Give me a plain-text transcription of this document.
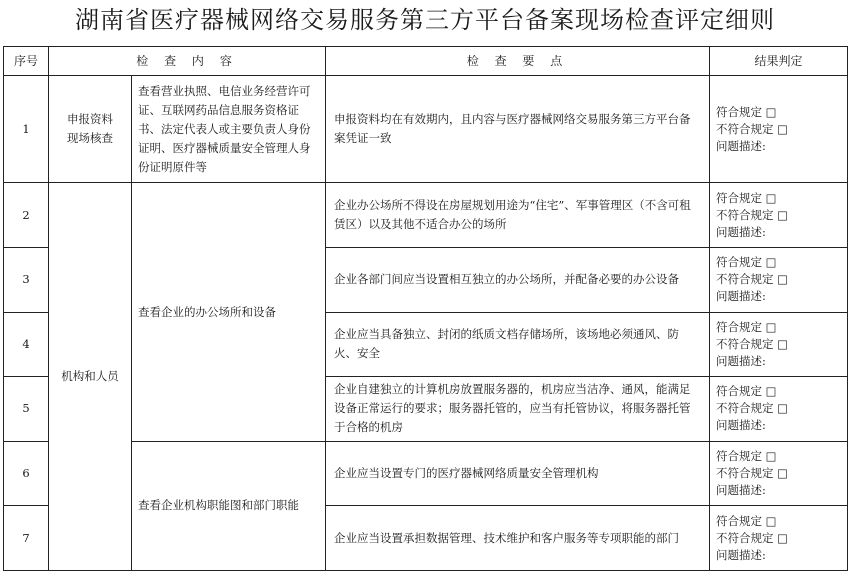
湖南省医疗器械网络交易服务第三方平台备案现场检查评定细则
序号	检 查 内 容		检 查 要 点	结果判定
1	申报资料现场核查	查看营业执照、电信业务经营许可证、互联网药品信息服务资格证书、法定代表人或主要负责人身份证明、医疗器械质量安全管理人身份证明原件等	申报资料均在有效期内，且内容与医疗器械网络交易服务第三方平台备案凭证一致	符合规定 □
不符合规定 □
问题描述:

2	机构和人员	查看企业的办公场所和设备	企业办公场所不得设在房屋规划用途为“住宅”、军事管理区（不含可租赁区）以及其他不适合办公的场所	符合规定 □
不符合规定 □
问题描述:

3			企业各部门间应当设置相互独立的办公场所，并配备必要的办公设备	符合规定 □
不符合规定 □
问题描述:

4			企业应当具备独立、封闭的纸质文档存储场所，该场地必须通风、防火、安全	符合规定 □
不符合规定 □
问题描述:

5			企业自建独立的计算机房放置服务器的，机房应当洁净、通风，能满足设备正常运行的要求；服务器托管的，应当有托管协议，将服务器托管于合格的机房	符合规定 □
不符合规定 □
问题描述:

6		查看企业机构职能图和部门职能	企业应当设置专门的医疗器械网络质量安全管理机构	符合规定 □
不符合规定 □
问题描述:

7			企业应当设置承担数据管理、技术维护和客户服务等专项职能的部门	符合规定 □
不符合规定 □
问题描述:
